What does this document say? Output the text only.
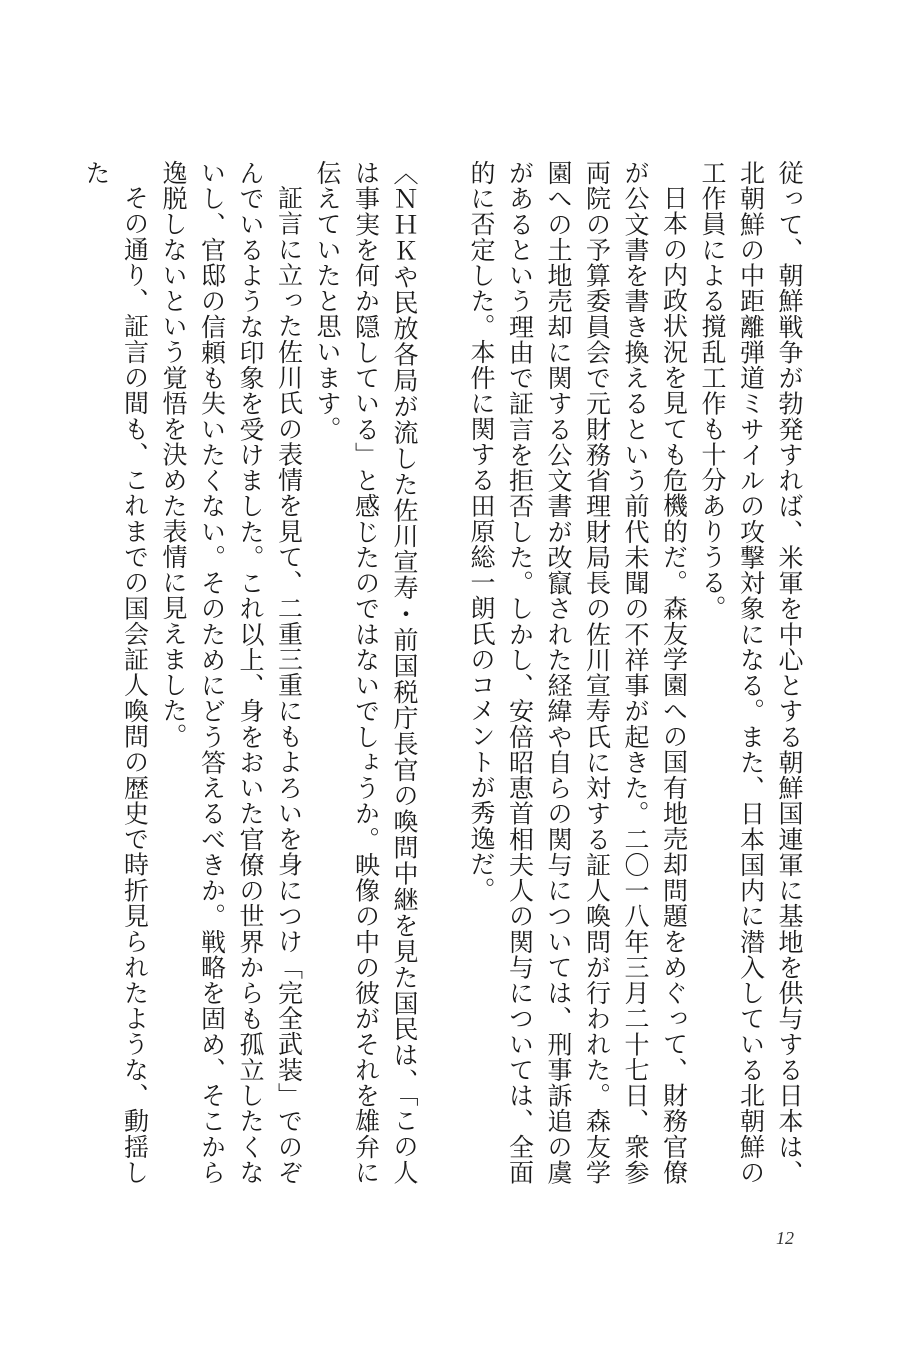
従って、朝鮮戦争が勃発すれば、米軍を中心とする朝鮮国連軍に基地を供与する日本は、北朝鮮の中距離弾道ミサイルの攻撃対象になる。また、日本国内に潜入している北朝鮮の工作員による撹乱工作も十分ありうる。

日本の内政状況を見ても危機的だ。森友学園への国有地売却問題をめぐって、財務官僚が公文書を書き換えるという前代未聞の不祥事が起きた。二〇一八年三月二十七日、衆参両院の予算委員会で元財務省理財局長の佐川宣寿氏に対する証人喚問が行われた。森友学園への土地売却に関する公文書が改竄された経緯や自らの関与については、刑事訴追の虞があるという理由で証言を拒否した。しかし、安倍昭恵首相夫人の関与については、全面的に否定した。本件に関する田原総一朗氏のコメントが秀逸だ。

〈ＮＨＫや民放各局が流した佐川宣寿・前国税庁長官の喚問中継を見た国民は、「この人は事実を何か隠している」と感じたのではないでしょうか。映像の中の彼がそれを雄弁に伝えていたと思います。

証言に立った佐川氏の表情を見て、二重三重にもよろいを身につけ「完全武装」でのぞんでいるような印象を受けました。これ以上、身をおいた官僚の世界からも孤立したくないし、官邸の信頼も失いたくない。そのためにどう答えるべきか。戦略を固め、そこから逸脱しないという覚悟を決めた表情に見えました。

その通り、証言の間も、これまでの国会証人喚問の歴史で時折見られたような、動揺した

12
